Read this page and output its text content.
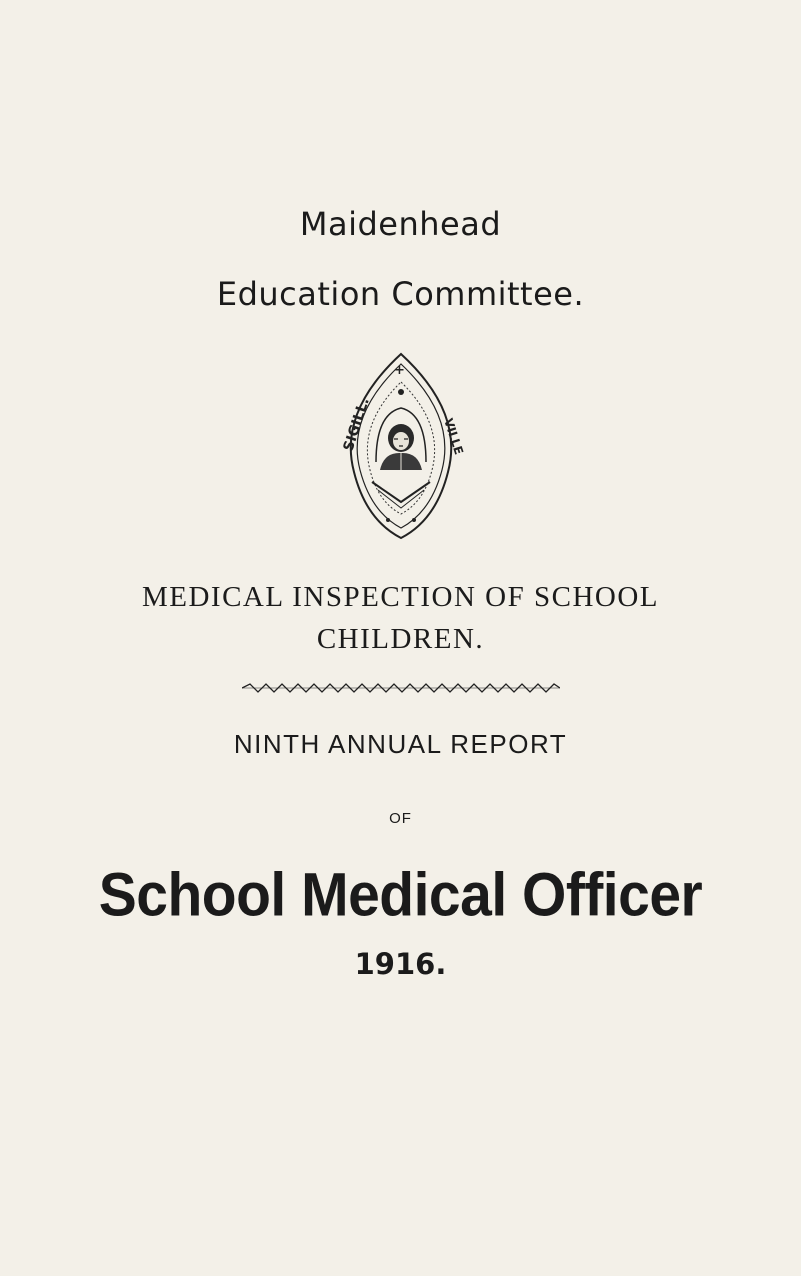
Maidenhead
Education Committee.
SIGILL.	VILLE
+
MEDICAL INSPECTION OF SCHOOL
CHILDREN.
NINTH ANNUAL REPORT
OF
School Medical Officer
1916.
